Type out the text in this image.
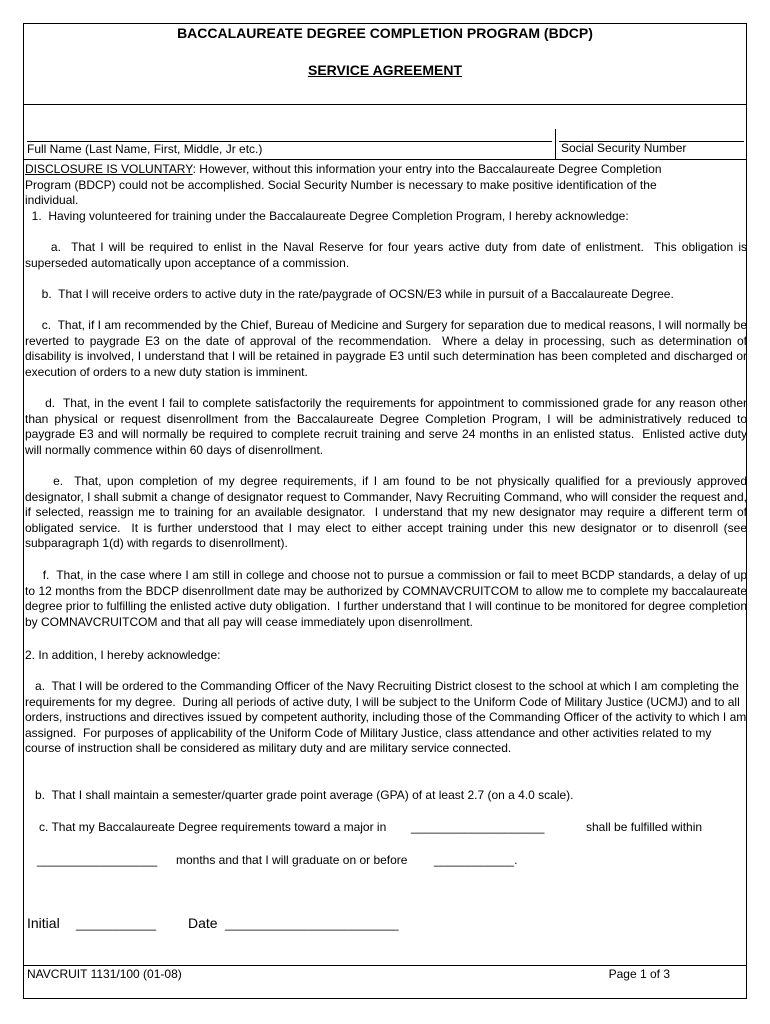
BACCALAUREATE DEGREE COMPLETION PROGRAM (BDCP)
SERVICE AGREEMENT
Full Name (Last Name, First, Middle, Jr etc.)	Social Security Number
DISCLOSURE IS VOLUNTARY: However, without this information your entry into the Baccalaureate Degree Completion
Program (BDCP) could not be accomplished. Social Security Number is necessary to make positive identification of the
individual.
1.  Having volunteered for training under the Baccalaureate Degree Completion Program, I hereby acknowledge:
a.  That I will be required to enlist in the Naval Reserve for four years active duty from date of enlistment.  This obligation is superseded automatically upon acceptance of a commission.
b.  That I will receive orders to active duty in the rate/paygrade of OCSN/E3 while in pursuit of a Baccalaureate Degree.
c.  That, if I am recommended by the Chief, Bureau of Medicine and Surgery for separation due to medical reasons, I will normally be reverted to paygrade E3 on the date of approval of the recommendation.  Where a delay in processing, such as determination of disability is involved, I understand that I will be retained in paygrade E3 until such determination has been completed and discharged or execution of orders to a new duty station is imminent.
d.  That, in the event I fail to complete satisfactorily the requirements for appointment to commissioned grade for any reason other than physical or request disenrollment from the Baccalaureate Degree Completion Program, I will be administratively reduced to paygrade E3 and will normally be required to complete recruit training and serve 24 months in an enlisted status.  Enlisted active duty will normally commence within 60 days of disenrollment.
e.  That, upon completion of my degree requirements, if I am found to be not physically qualified for a previously approved designator, I shall submit a change of designator request to Commander, Navy Recruiting Command, who will consider the request and, if selected, reassign me to training for an available designator.  I understand that my new designator may require a different term of obligated service.  It is further understood that I may elect to either accept training under this new designator or to disenroll (see subparagraph 1(d) with regards to disenrollment).
f.  That, in the case where I am still in college and choose not to pursue a commission or fail to meet BCDP standards, a delay of up to 12 months from the BDCP disenrollment date may be authorized by COMNAVCRUITCOM to allow me to complete my baccalaureate degree prior to fulfilling the enlisted active duty obligation.  I further understand that I will continue to be monitored for degree completion by COMNAVCRUITCOM and that all pay will cease immediately upon disenrollment.
2. In addition, I hereby acknowledge:
a.  That I will be ordered to the Commanding Officer of the Navy Recruiting District closest to the school at which I am completing the requirements for my degree.  During all periods of active duty, I will be subject to the Uniform Code of Military Justice (UCMJ) and to all orders, instructions and directives issued by competent authority, including those of the Commanding Officer of the activity to which I am assigned.  For purposes of applicability of the Uniform Code of Military Justice, class attendance and other activities related to my course of instruction shall be considered as military duty and are military service connected.
b.  That I shall maintain a semester/quarter grade point average (GPA) of at least 2.7 (on a 4.0 scale).
c. That my Baccalaureate Degree requirements toward a major in ____________________	shall be fulfilled within
__________________ months and that I will graduate on or before ____________.
Initial ____________ Date __________________________
NAVCRUIT 1131/100 (01-08)	Page 1 of 3
